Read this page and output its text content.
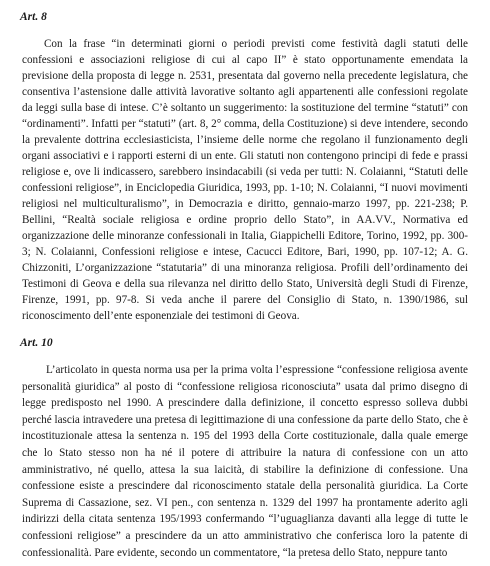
Art. 8

Con la frase “in determinati giorni o periodi previsti come festività dagli statuti delle confessioni e associazioni religiose di cui al capo II” è stato opportunamente emendata la previsione della proposta di legge n. 2531, presentata dal governo nella precedente legislatura, che consentiva l’astensione dalle attività lavorative soltanto agli appartenenti alle confessioni regolate da leggi sulla base di intese. C’è soltanto un suggerimento: la sostituzione del termine “statuti” con “ordinamenti”. Infatti per “statuti” (art. 8, 2° comma, della Costituzione) si deve intendere, secondo la prevalente dottrina ecclesiasticista, l’insieme delle norme che regolano il funzionamento degli organi associativi e i rapporti esterni di un ente. Gli statuti non contengono principi di fede e prassi religiose e, ove li indicassero, sarebbero insindacabili (si veda per tutti: N. Colaianni, “Statuti delle confessioni religiose”, in Enciclopedia Giuridica, 1993, pp. 1-10; N. Colaianni, “I nuovi movimenti religiosi nel multiculturalismo”, in Democrazia e diritto, gennaio-marzo 1997, pp. 221-238; P. Bellini, “Realtà sociale religiosa e ordine proprio dello Stato”, in AA.VV., Normativa ed organizzazione delle minoranze confessionali in Italia, Giappichelli Editore, Torino, 1992, pp. 300-3; N. Colaianni, Confessioni religiose e intese, Cacucci Editore, Bari, 1990, pp. 107-12; A. G. Chizzoniti, L’organizzazione “statutaria” di una minoranza religiosa. Profili dell’ordinamento dei Testimoni di Geova e della sua rilevanza nel diritto dello Stato, Università degli Studi di Firenze, Firenze, 1991, pp. 97-8. Si veda anche il parere del Consiglio di Stato, n. 1390/1986, sul riconoscimento dell’ente esponenziale dei testimoni di Geova.

Art. 10

L’articolato in questa norma usa per la prima volta l’espressione “confessione religiosa avente personalità giuridica” al posto di “confessione religiosa riconosciuta” usata dal primo disegno di legge predisposto nel 1990. A prescindere dalla definizione, il concetto espresso solleva dubbi perché lascia intravedere una pretesa di legittimazione di una confessione da parte dello Stato, che è incostituzionale attesa la sentenza n. 195 del 1993 della Corte costituzionale, dalla quale emerge che lo Stato stesso non ha né il potere di attribuire la natura di confessione con un atto amministrativo, né quello, attesa la sua laicità, di stabilire la definizione di confessione. Una confessione esiste a prescindere dal riconoscimento statale della personalità giuridica. La Corte Suprema di Cassazione, sez. VI pen., con sentenza n. 1329 del 1997 ha prontamente aderito agli indirizzi della citata sentenza 195/1993 confermando “l’uguaglianza davanti alla legge di tutte le confessioni religiose” a prescindere da un atto amministrativo che conferisca loro la patente di confessionalità. Pare evidente, secondo un commentatore, “la pretesa dello Stato, neppure tanto
